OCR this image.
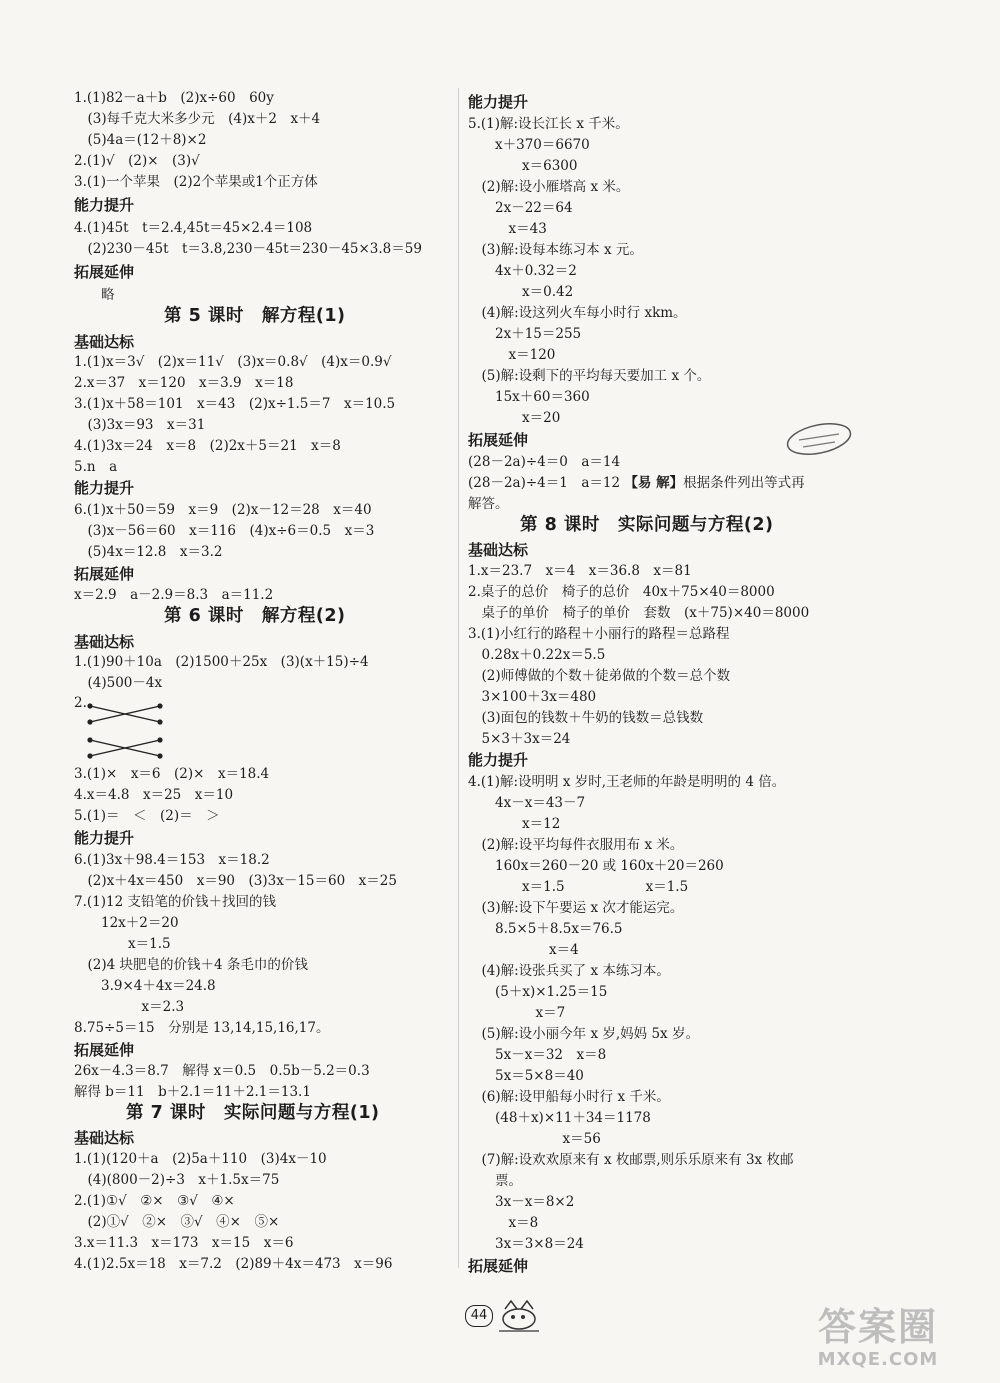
1.(1)82－a＋b　(2)x÷60　60y
　(3)每千克大米多少元　(4)x＋2　x＋4
　(5)4a＝(12＋8)×2
2.(1)√　(2)×　(3)√
3.(1)一个苹果　(2)2个苹果或1个正方体
能力提升
4.(1)45t　t＝2.4,45t＝45×2.4＝108
　(2)230－45t　t＝3.8,230－45t＝230－45×3.8＝59
拓展延伸
　　略
第 5 课时　解方程(1)
基础达标
1.(1)x＝3√　(2)x＝11√　(3)x＝0.8√　(4)x＝0.9√
2.x＝37　x＝120　x＝3.9　x＝18
3.(1)x＋58＝101　x＝43　(2)x÷1.5＝7　x＝10.5
　(3)3x＝93　x＝31
4.(1)3x＝24　x＝8　(2)2x＋5＝21　x＝8
5.n　a
能力提升
6.(1)x＋50＝59　x＝9　(2)x－12＝28　x＝40
　(3)x－56＝60　x＝116　(4)x÷6＝0.5　x＝3
　(5)4x＝12.8　x＝3.2
拓展延伸
x＝2.9　a－2.9＝8.3　a＝11.2
第 6 课时　解方程(2)
基础达标
1.(1)90＋10a　(2)1500＋25x　(3)(x＋15)÷4
　(4)500－4x
2.
3.(1)×　x＝6　(2)×　x＝18.4
4.x＝4.8　x＝25　x＝10
5.(1)＝　＜　(2)＝　＞
能力提升
6.(1)3x＋98.4＝153　x＝18.2
　(2)x＋4x＝450　x＝90　(3)3x－15＝60　x＝25
7.(1)12 支铅笔的价钱＋找回的钱
　　12x＋2＝20
　　　　x＝1.5
　(2)4 块肥皂的价钱＋4 条毛巾的价钱
　　3.9×4＋4x＝24.8
　　　　　x＝2.3
8.75÷5＝15　分别是 13,14,15,16,17。
拓展延伸
26x－4.3＝8.7　解得 x＝0.5　0.5b－5.2＝0.3
解得 b＝11　b＋2.1＝11＋2.1＝13.1
第 7 课时　实际问题与方程(1)
基础达标
1.(1)(120＋a　(2)5a＋110　(3)4x－10
　(4)(800－2)÷3　x＋1.5x＝75
2.(1)①√　②×　③√　④×
　(2)①√　②×　③√　④×　⑤×
3.x＝11.3　x＝173　x＝15　x＝6
4.(1)2.5x＝18　x＝7.2　(2)89＋4x＝473　x＝96
能力提升
5.(1)解:设长江长 x 千米。
　　x＋370＝6670
　　　　x＝6300
　(2)解:设小雁塔高 x 米。
　　2x－22＝64
　　　x＝43
　(3)解:设每本练习本 x 元。
　　4x＋0.32＝2
　　　　x＝0.42
　(4)解:设这列火车每小时行 xkm。
　　2x＋15＝255
　　　x＝120
　(5)解:设剩下的平均每天要加工 x 个。
　　15x＋60＝360
　　　　x＝20
拓展延伸
(28－2a)÷4＝0　a＝14
(28－2a)÷4＝1　a＝12 【易 解】根据条件列出等式再
解答。
第 8 课时　实际问题与方程(2)
基础达标
1.x＝23.7　x＝4　x＝36.8　x＝81
2.桌子的总价　椅子的总价　40x＋75×40＝8000
　桌子的单价　椅子的单价　套数　(x＋75)×40＝8000
3.(1)小红行的路程＋小丽行的路程＝总路程
　0.28x＋0.22x＝5.5
　(2)师傅做的个数＋徒弟做的个数＝总个数
　3×100＋3x＝480
　(3)面包的钱数＋牛奶的钱数＝总钱数
　5×3＋3x＝24
能力提升
4.(1)解:设明明 x 岁时,王老师的年龄是明明的 4 倍。
　　4x－x＝43－7
　　　　x＝12
　(2)解:设平均每件衣服用布 x 米。
　　160x＝260－20 或 160x＋20＝260
　　　　x＝1.5　　　　　　x＝1.5
　(3)解:设下午要运 x 次才能运完。
　　8.5×5＋8.5x＝76.5
　　　　　　x＝4
　(4)解:设张兵买了 x 本练习本。
　　(5＋x)×1.25＝15
　　　　　x＝7
　(5)解:设小丽今年 x 岁,妈妈 5x 岁。
　　5x－x＝32　x＝8
　　5x＝5×8＝40
　(6)解:设甲船每小时行 x 千米。
　　(48＋x)×11＋34＝1178
　　　　　　　x＝56
　(7)解:设欢欢原来有 x 枚邮票,则乐乐原来有 3x 枚邮
　　票。
　　3x－x＝8×2
　　　x＝8
　　3x＝3×8＝24
拓展延伸
44	答案圈
MXQE.COM
